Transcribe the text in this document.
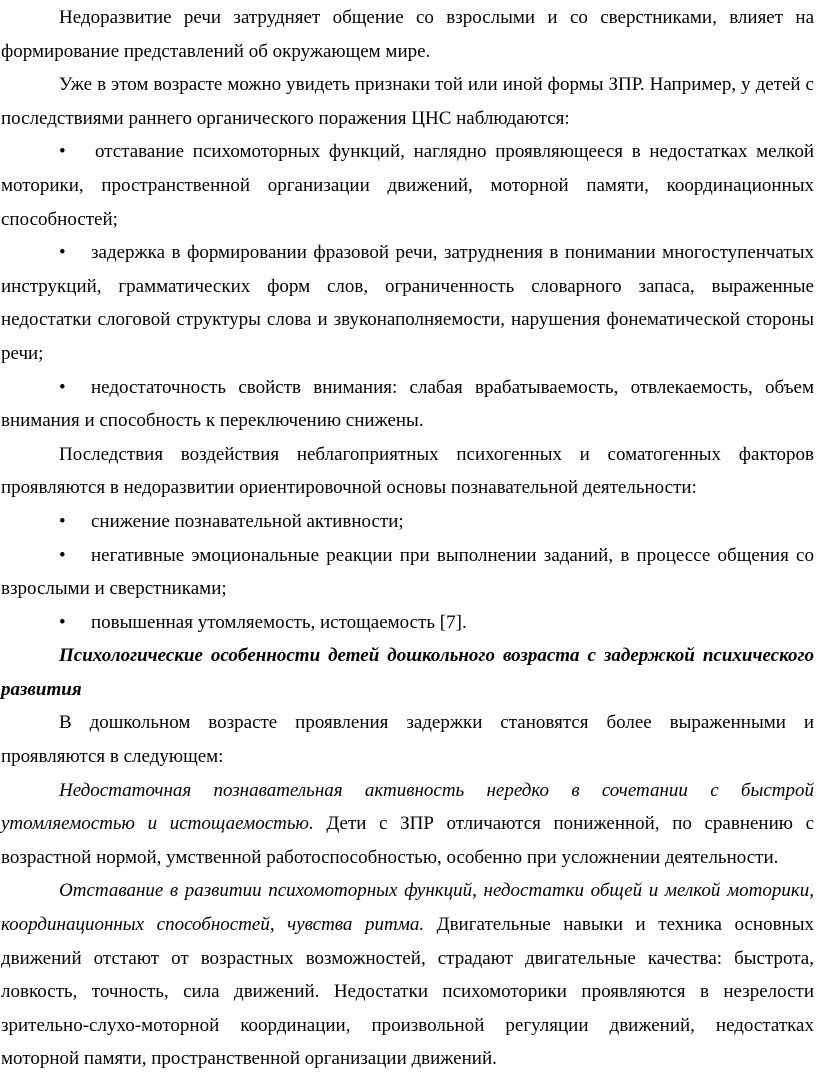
Недоразвитие речи затрудняет общение со взрослыми и со сверстниками, влияет на формирование представлений об окружающем мире.

Уже в этом возрасте можно увидеть признаки той или иной формы ЗПР. Например, у детей с последствиями раннего органического поражения ЦНС наблюдаются:

• отставание психомоторных функций, наглядно проявляющееся в недостатках мелкой моторики, пространственной организации движений, моторной памяти, координационных способностей;

• задержка в формировании фразовой речи, затруднения в понимании многоступенчатых инструкций, грамматических форм слов, ограниченность словарного запаса, выраженные недостатки слоговой структуры слова и звуконаполняемости, нарушения фонематической стороны речи;

• недостаточность свойств внимания: слабая врабатываемость, отвлекаемость, объем внимания и способность к переключению снижены.

Последствия воздействия неблагоприятных психогенных и соматогенных факторов проявляются в недоразвитии ориентировочной основы познавательной деятельности:

• снижение познавательной активности;

• негативные эмоциональные реакции при выполнении заданий, в процессе общения со взрослыми и сверстниками;

• повышенная утомляемость, истощаемость [7].

Психологические особенности детей дошкольного возраста с задержкой психического развития

В дошкольном возрасте проявления задержки становятся более выраженными и проявляются в следующем:

Недостаточная познавательная активность нередко в сочетании с быстрой утомляемостью и истощаемостью. Дети с ЗПР отличаются пониженной, по сравнению с возрастной нормой, умственной работоспособностью, особенно при усложнении деятельности.

Отставание в развитии психомоторных функций, недостатки общей и мелкой моторики, координационных способностей, чувства ритма. Двигательные навыки и техника основных движений отстают от возрастных возможностей, страдают двигательные качества: быстрота, ловкость, точность, сила движений. Недостатки психомоторики проявляются в незрелости зрительно-слухо-моторной координации, произвольной регуляции движений, недостатках моторной памяти, пространственной организации движений.
